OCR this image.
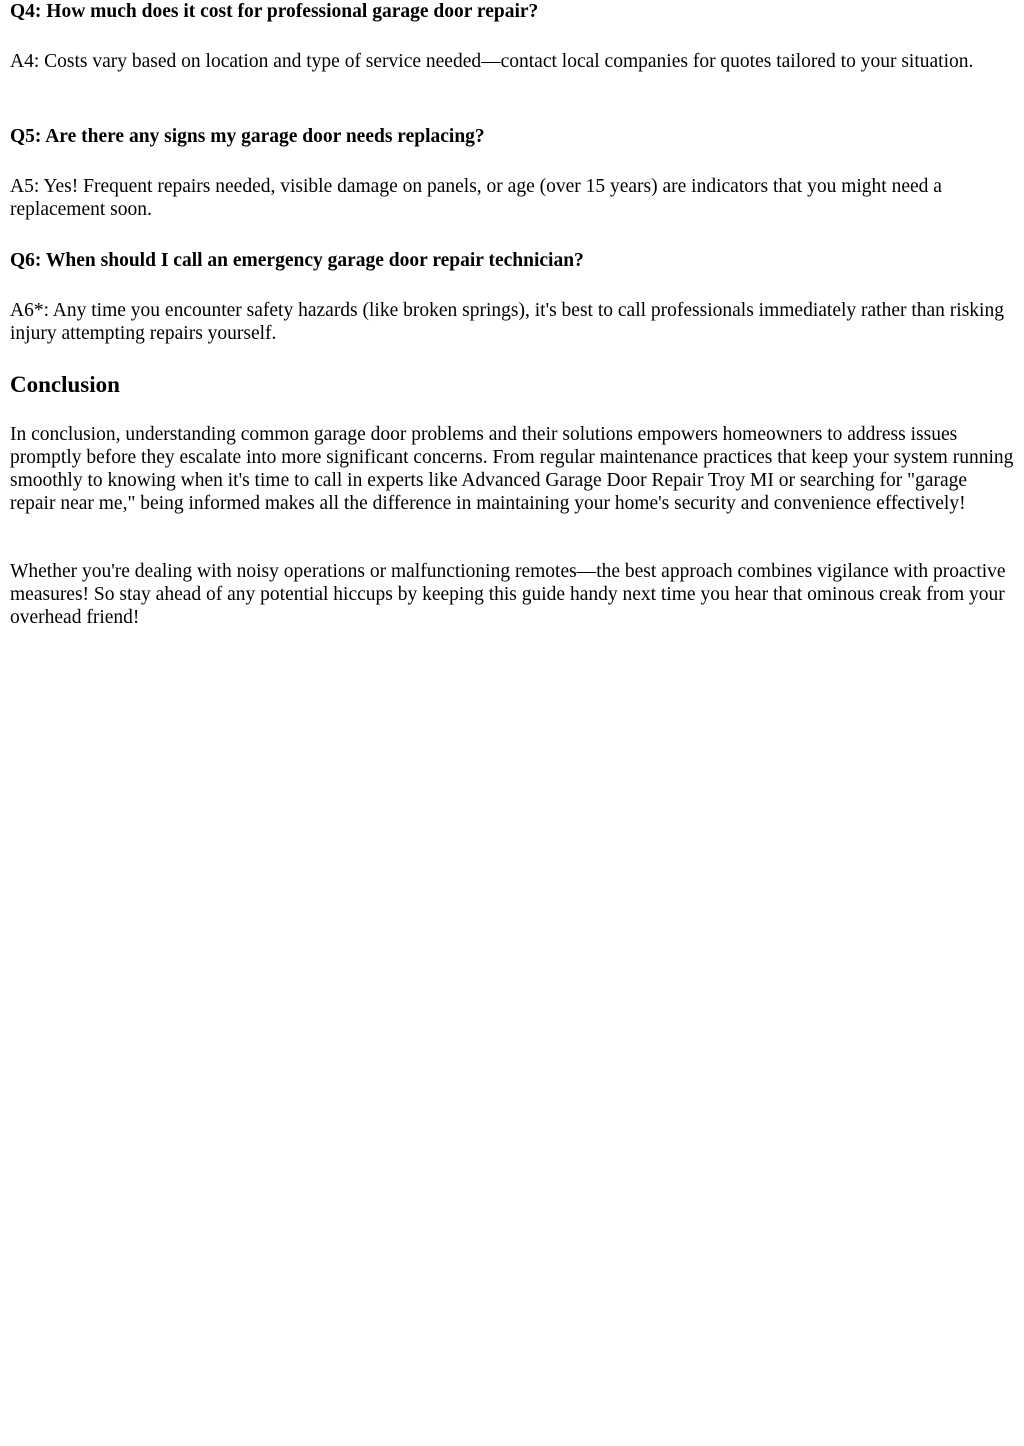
Q4: How much does it cost for professional garage door repair?

A4: Costs vary based on location and type of service needed—contact local companies for quotes tailored to your situation.

Q5: Are there any signs my garage door needs replacing?

A5: Yes! Frequent repairs needed, visible damage on panels, or age (over 15 years) are indicators that you might need a replacement soon.

Q6: When should I call an emergency garage door repair technician?

A6*: Any time you encounter safety hazards (like broken springs), it's best to call professionals immediately rather than risking injury attempting repairs yourself.

Conclusion

In conclusion, understanding common garage door problems and their solutions empowers homeowners to address issues promptly before they escalate into more significant concerns. From regular maintenance practices that keep your system running smoothly to knowing when it's time to call in experts like Advanced Garage Door Repair Troy MI or searching for "garage repair near me," being informed makes all the difference in maintaining your home's security and convenience effectively!

Whether you're dealing with noisy operations or malfunctioning remotes—the best approach combines vigilance with proactive measures! So stay ahead of any potential hiccups by keeping this guide handy next time you hear that ominous creak from your overhead friend!
